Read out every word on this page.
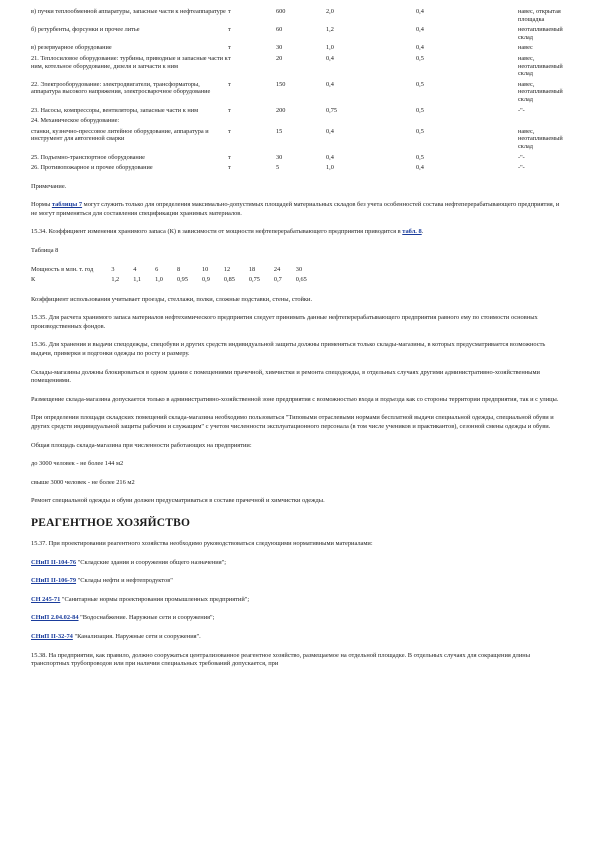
в) пучки теплообменной аппаратуры, запасные части к нефтеаппаратуре	т	600	2,0	0,4	навес, открытая площадка
б) ретурбенты, форсунки и прочее литье	т	60	1,2	0,4	неотапливаемый склад
в) резервуарное оборудование	т	30	1,0	0,4	навес
21. Теплосиловое оборудование: турбины, приводные и запасные части к ним, котельное оборудование, дизеля и запчасти к ним	т	20	0,4	0,5	навес, неотапливаемый склад
22. Электрооборудование: электродвигатели, трансформаторы, аппаратура высокого напряжения, электросварочное оборудование	т	150	0,4	0,5	навес, неотапливаемый склад
23. Насосы, компрессоры, вентиляторы, запасные части к ним	т	200	0,75	0,5	-"-
24. Механическое оборудование:					
станки, кузнечно-прессовое литейное оборудование, аппаратура и инструмент для автогенной сварки	т	15	0,4	0,5	навес, неотапливаемый склад
25. Подъемно-транспортное оборудование	т	30	0,4	0,5	-"-
26. Противопожарное и прочее оборудование	т	5	1,0	0,4	-"-

Примечание.

Нормы таблицы 7 могут служить только для определения максимально-допустимых площадей материальных складов без учета особенностей состава нефтеперерабатывающего предприятия, и не могут применяться для составления спецификации хранимых материалов.

15.34. Коэффициент изменения хранимого запаса (К) в зависимости от мощности нефтеперерабатывающего предприятия приводится в табл. 8.

Таблица 8

Мощность в млн. т. год	3	4	6	8	10	12	18	24	30
К	1,2	1,1	1,0	0,95	0,9	0,85	0,75	0,7	0,65

Коэффициент использования учитывает проезды, стеллажи, полки, сложные подставки, стены, стойки.

15.35. Для расчета хранимого запаса материалов нефтехимического предприятия следует принимать данные нефтеперерабатывающего предприятия равного ему по стоимости основных производственных фондов.

15.36. Для хранения и выдачи спецодежды, спецобуви и других средств индивидуальной защиты должны применяться только склады-магазины, в которых предусматривается возможность выдачи, примерки и подгонки одежды по росту и размеру.

Склады-магазины должны блокироваться в одном здании с помещениями прачечной, химчистки и ремонта спецодежды, в отдельных случаях другими административно-хозяйственными помещениями.

Размещение склада-магазина допускается только в административно-хозяйственной зоне предприятия с возможностью входа и подъезда как со стороны территории предприятия, так и с улицы.

При определении площади складских помещений склада-магазина необходимо пользоваться "Типовыми отраслевыми нормами бесплатной выдачи специальной одежды, специальной обуви и других средств индивидуальной защиты рабочим и служащим" с учетом численности эксплуатационного персонала (в том числе учеников и практикантов), сезонной смены одежды и обуви.

Общая площадь склада-магазина при численности работающих на предприятии:

до 3000 человек - не более 144 м2

свыше 3000 человек - не более 216 м2

Ремонт специальной одежды и обуви должен предусматриваться в составе прачечной и химчистки одежды.

РЕАГЕНТНОЕ ХОЗЯЙСТВО

15.37. При проектировании реагентного хозяйства необходимо руководствоваться следующими нормативными материалами:

СНиП II-104-76 "Складские здания и сооружения общего назначения";

СНиП II-106-79 "Склады нефти и нефтепродуктов"

СН 245-71 "Санитарные нормы проектирования промышленных предприятий";

СНиП 2.04.02-84 "Водоснабжение. Наружные сети и сооружения";

СНиП II-32-74 "Канализация. Наружные сети и сооружения".

15.38. На предприятии, как правило, должно сооружаться централизованное реагентное хозяйство, размещаемое на отдельной площадке. В отдельных случаях для сокращения длины транспортных трубопроводов или при наличии специальных требований допускается, при
